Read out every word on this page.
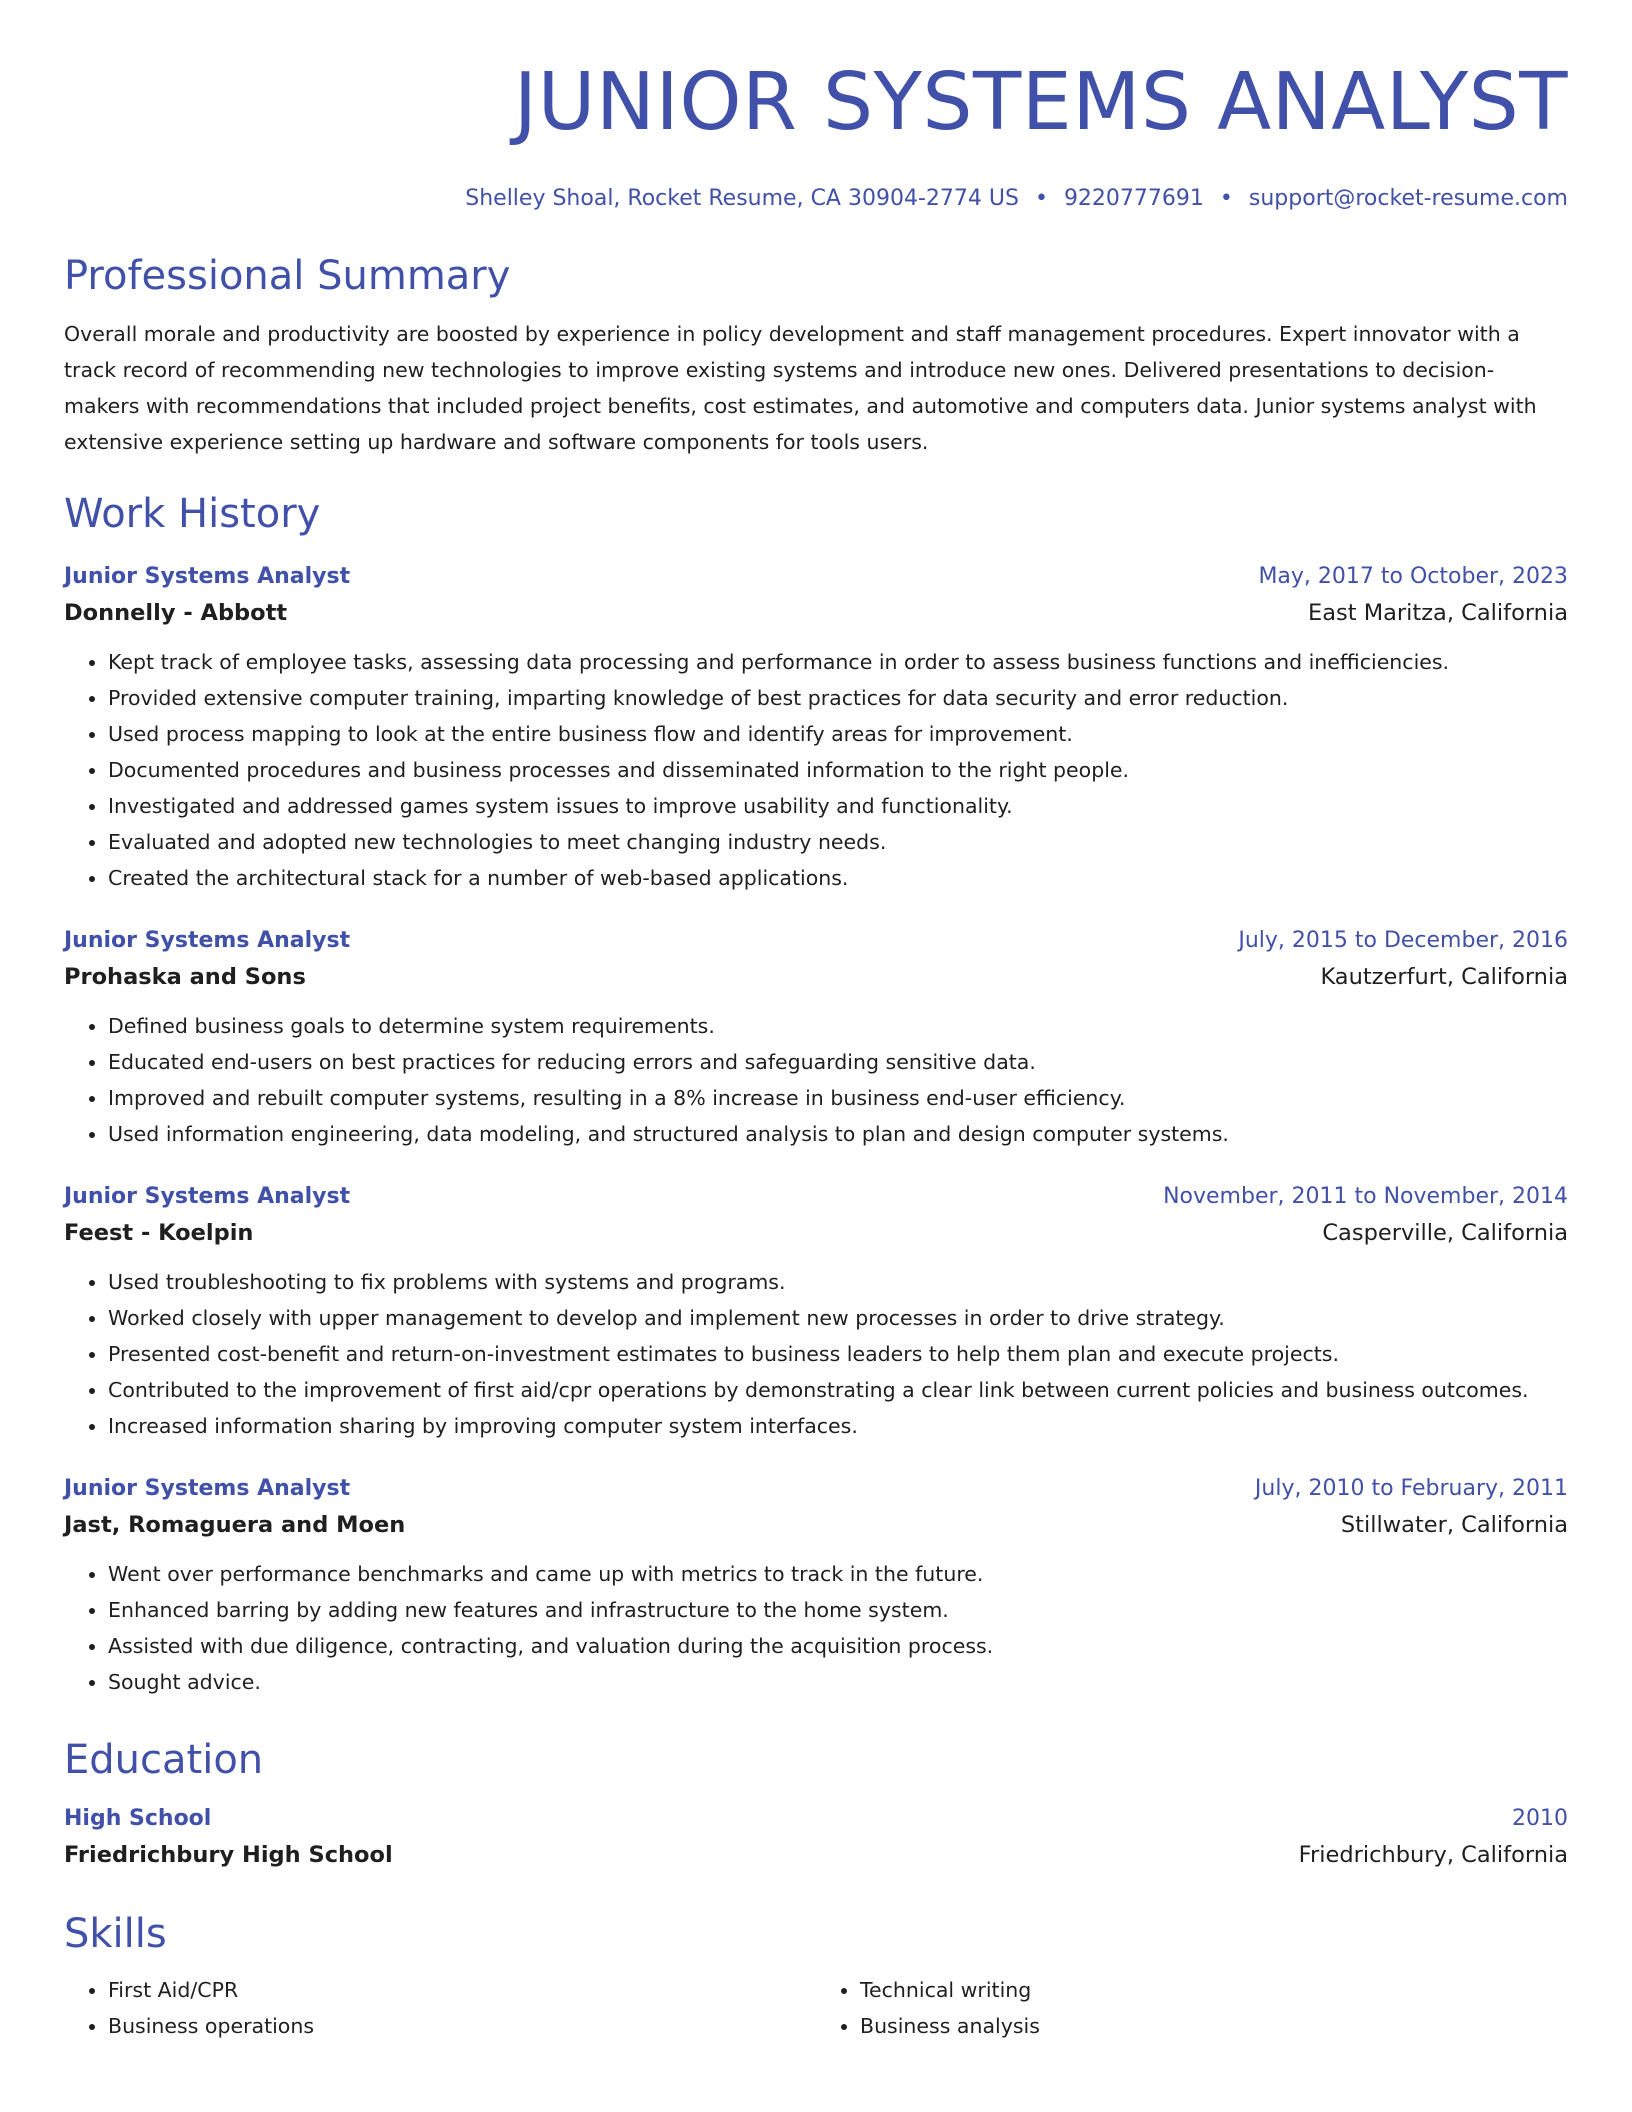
JUNIOR SYSTEMS ANALYST
Shelley Shoal, Rocket Resume, CA 30904-2774 US • 9220777691 • support@rocket-resume.com
Professional Summary

Overall morale and productivity are boosted by experience in policy development and staff management procedures. Expert innovator with a track record of recommending new technologies to improve existing systems and introduce new ones. Delivered presentations to decision-makers with recommendations that included project benefits, cost estimates, and automotive and computers data. Junior systems analyst with extensive experience setting up hardware and software components for tools users.

Work History
Junior Systems Analyst	May, 2017 to October, 2023
Donnelly - Abbott	East Maritza, California
• Kept track of employee tasks, assessing data processing and performance in order to assess business functions and inefficiencies.
• Provided extensive computer training, imparting knowledge of best practices for data security and error reduction.
• Used process mapping to look at the entire business flow and identify areas for improvement.
• Documented procedures and business processes and disseminated information to the right people.
• Investigated and addressed games system issues to improve usability and functionality.
• Evaluated and adopted new technologies to meet changing industry needs.
• Created the architectural stack for a number of web-based applications.
Junior Systems Analyst	July, 2015 to December, 2016
Prohaska and Sons	Kautzerfurt, California
• Defined business goals to determine system requirements.
• Educated end-users on best practices for reducing errors and safeguarding sensitive data.
• Improved and rebuilt computer systems, resulting in a 8% increase in business end-user efficiency.
• Used information engineering, data modeling, and structured analysis to plan and design computer systems.
Junior Systems Analyst	November, 2011 to November, 2014
Feest - Koelpin	Casperville, California
• Used troubleshooting to fix problems with systems and programs.
• Worked closely with upper management to develop and implement new processes in order to drive strategy.
• Presented cost-benefit and return-on-investment estimates to business leaders to help them plan and execute projects.
• Contributed to the improvement of first aid/cpr operations by demonstrating a clear link between current policies and business outcomes.
• Increased information sharing by improving computer system interfaces.
Junior Systems Analyst	July, 2010 to February, 2011
Jast, Romaguera and Moen	Stillwater, California
• Went over performance benchmarks and came up with metrics to track in the future.
• Enhanced barring by adding new features and infrastructure to the home system.
• Assisted with due diligence, contracting, and valuation during the acquisition process.
• Sought advice.
Education
High School	2010
Friedrichbury High School	Friedrichbury, California
Skills
• First Aid/CPR
• Business operations
• Technical writing
• Business analysis
